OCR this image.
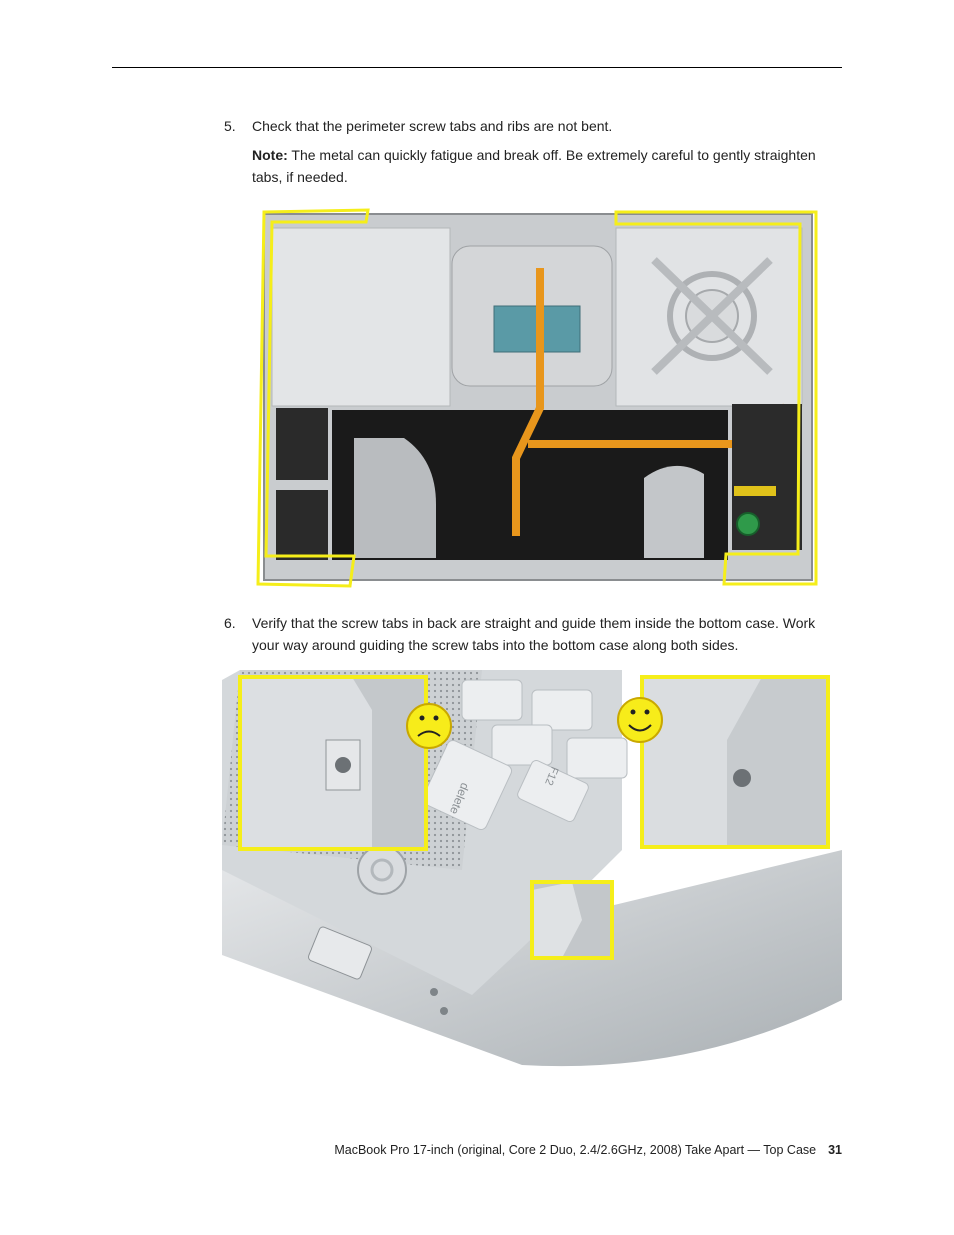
5. Check that the perimeter screw tabs and ribs are not bent.
Note: The metal can quickly fatigue and break off. Be extremely careful to gently straighten tabs, if needed.
6. Verify that the screw tabs in back are straight and guide them inside the bottom case. Work your way around guiding the screw tabs into the bottom case along both sides.
delete
F12
MacBook Pro 17-inch (original, Core 2 Duo, 2.4/2.6GHz, 2008) Take Apart — Top Case 31
